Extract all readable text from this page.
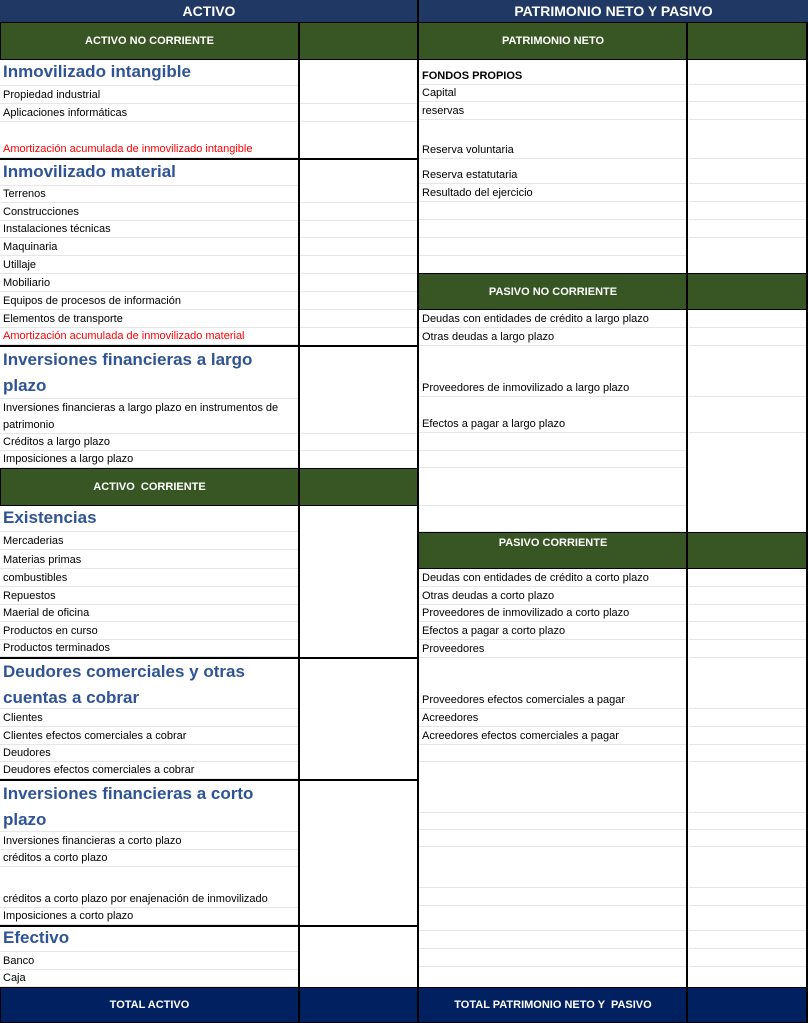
ACTIVO	PATRIMONIO NETO Y PASIVO
ACTIVO NO CORRIENTE
Inmovilizado intangible
Propiedad industrial
Aplicaciones informáticas
Amortización acumulada de inmovilizado intangible
Inmovilizado material
Terrenos
Construcciones
Instalaciones técnicas
Maquinaria
Utillaje
Mobiliario
Equipos de procesos de información
Elementos de transporte
Amortización acumulada de inmovilizado material
Inversiones financieras a largo plazo
Inversiones financieras a largo plazo en instrumentos de patrimonio
Créditos a largo plazo
Imposiciones a largo plazo
ACTIVO  CORRIENTE
Existencias
Mercaderias
Materias primas
combustibles
Repuestos
Maerial de oficina
Productos en curso
Productos terminados
Deudores comerciales y otras cuentas a cobrar
Clientes
Clientes efectos comerciales a cobrar
Deudores
Deudores efectos comerciales a cobrar
Inversiones financieras a corto plazo
Inversiones financieras a corto plazo
créditos a corto plazo
créditos a corto plazo por enajenación de inmovilizado
Imposiciones a corto plazo
Efectivo
Banco
Caja
TOTAL ACTIVO
PATRIMONIO NETO
FONDOS PROPIOS
Capital
reservas
Reserva voluntaria
Reserva estatutaria
Resultado del ejercicio
PASIVO NO CORRIENTE
Deudas con entidades de crédito a largo plazo
Otras deudas a largo plazo
Proveedores de inmovilizado a largo plazo
Efectos a pagar a largo plazo
PASIVO CORRIENTE
Deudas con entidades de crédito a corto plazo
Otras deudas a corto plazo
Proveedores de inmovilizado a corto plazo
Efectos a pagar a corto plazo
Proveedores
Proveedores efectos comerciales a pagar
Acreedores
Acreedores efectos comerciales a pagar
TOTAL PATRIMONIO NETO Y  PASIVO
